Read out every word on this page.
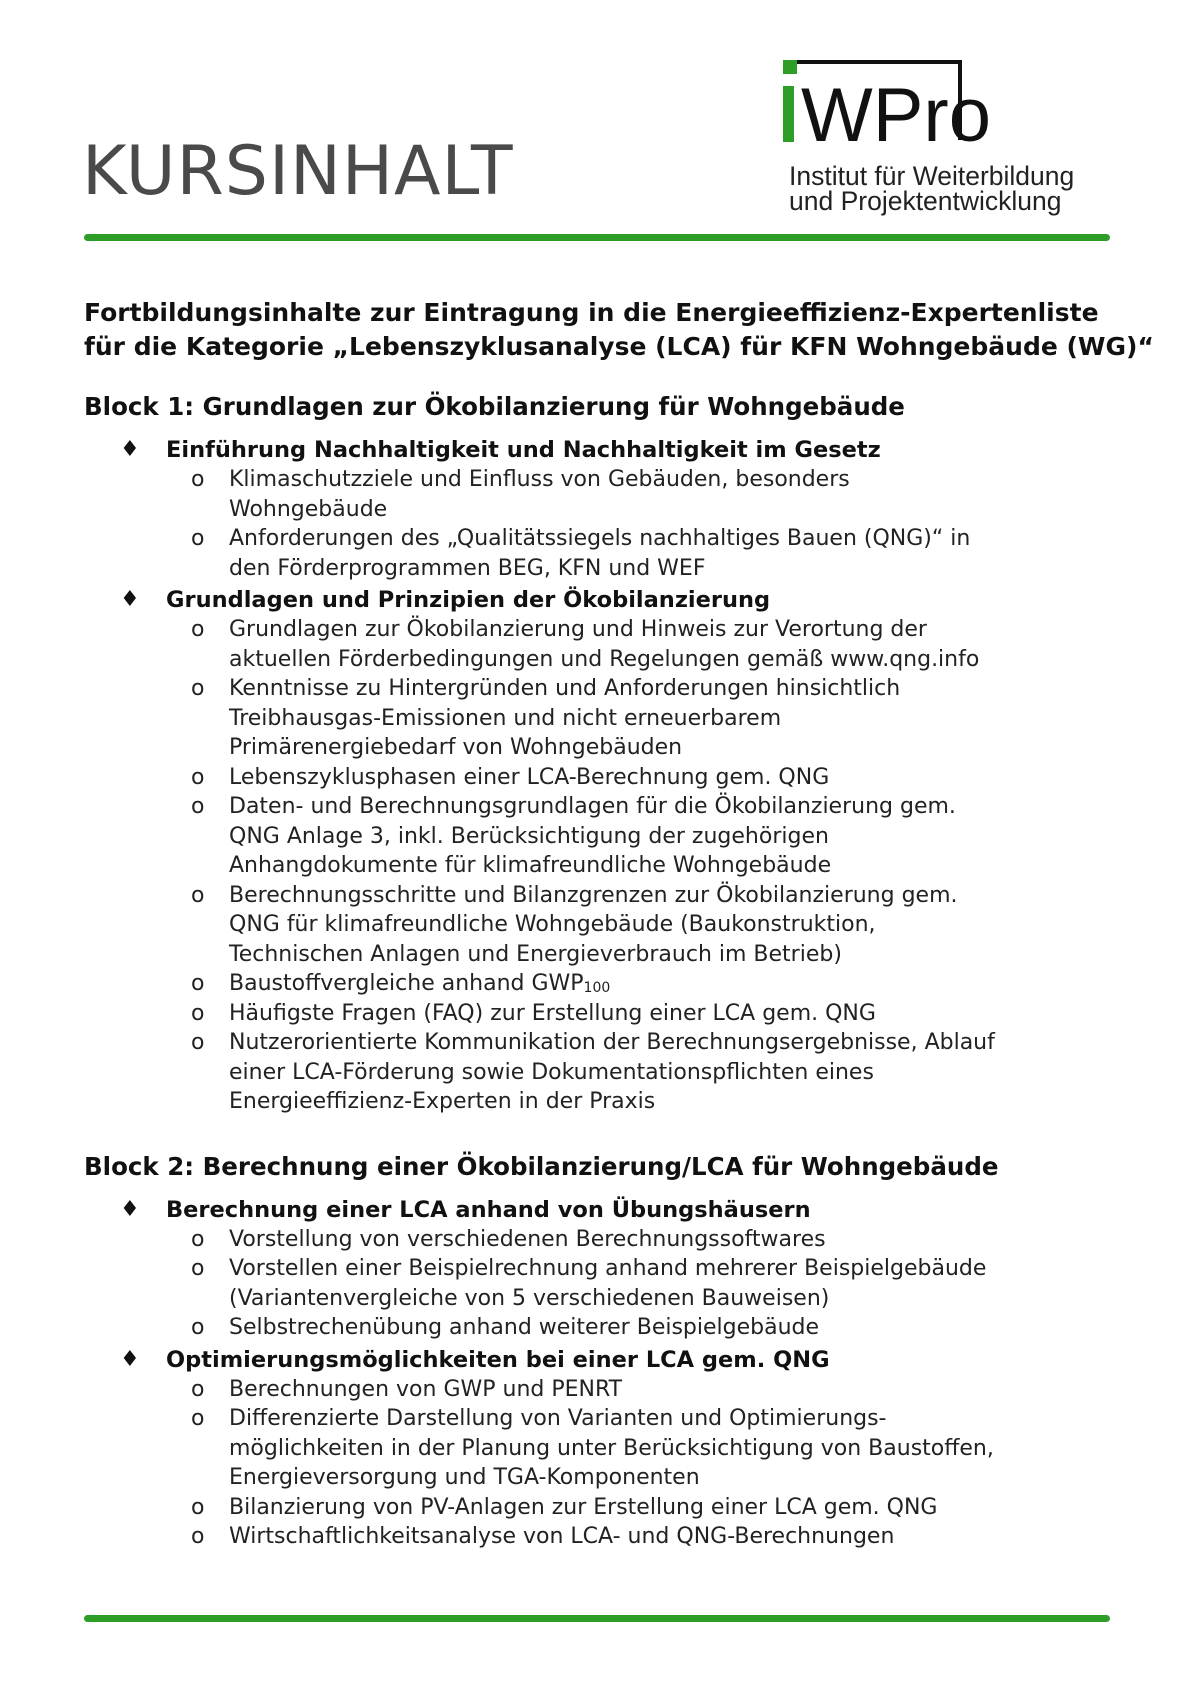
KURSINHALT
WPro
Institut für Weiterbildung
und Projektentwicklung
Fortbildungsinhalte zur Eintragung in die Energieeffizienz-Expertenliste
für die Kategorie „Lebenszyklusanalyse (LCA) für KFN Wohngebäude (WG)“
Block 1: Grundlagen zur Ökobilanzierung für Wohngebäude
♦ Einführung Nachhaltigkeit und Nachhaltigkeit im Gesetz
o Klimaschutzziele und Einfluss von Gebäuden, besonders
Wohngebäude
o Anforderungen des „Qualitätssiegels nachhaltiges Bauen (QNG)“ in
den Förderprogrammen BEG, KFN und WEF
♦ Grundlagen und Prinzipien der Ökobilanzierung
o Grundlagen zur Ökobilanzierung und Hinweis zur Verortung der
aktuellen Förderbedingungen und Regelungen gemäß www.qng.info
o Kenntnisse zu Hintergründen und Anforderungen hinsichtlich
Treibhausgas-Emissionen und nicht erneuerbarem
Primärenergiebedarf von Wohngebäuden
o Lebenszyklusphasen einer LCA-Berechnung gem. QNG
o Daten- und Berechnungsgrundlagen für die Ökobilanzierung gem.
QNG Anlage 3, inkl. Berücksichtigung der zugehörigen
Anhangdokumente für klimafreundliche Wohngebäude
o Berechnungsschritte und Bilanzgrenzen zur Ökobilanzierung gem.
QNG für klimafreundliche Wohngebäude (Baukonstruktion,
Technischen Anlagen und Energieverbrauch im Betrieb)
o Baustoffvergleiche anhand $GWP_{100}$
o Häufigste Fragen (FAQ) zur Erstellung einer LCA gem. QNG
o Nutzerorientierte Kommunikation der Berechnungsergebnisse, Ablauf
einer LCA-Förderung sowie Dokumentationspflichten eines
Energieeffizienz-Experten in der Praxis
Block 2: Berechnung einer Ökobilanzierung/LCA für Wohngebäude
♦ Berechnung einer LCA anhand von Übungshäusern
o Vorstellung von verschiedenen Berechnungssoftwares
o Vorstellen einer Beispielrechnung anhand mehrerer Beispielgebäude
(Variantenvergleiche von 5 verschiedenen Bauweisen)
o Selbstrechenübung anhand weiterer Beispielgebäude
♦ Optimierungsmöglichkeiten bei einer LCA gem. QNG
o Berechnungen von GWP und PENRT
o Differenzierte Darstellung von Varianten und Optimierungs-
möglichkeiten in der Planung unter Berücksichtigung von Baustoffen,
Energieversorgung und TGA-Komponenten
o Bilanzierung von PV-Anlagen zur Erstellung einer LCA gem. QNG
o Wirtschaftlichkeitsanalyse von LCA- und QNG-Berechnungen
